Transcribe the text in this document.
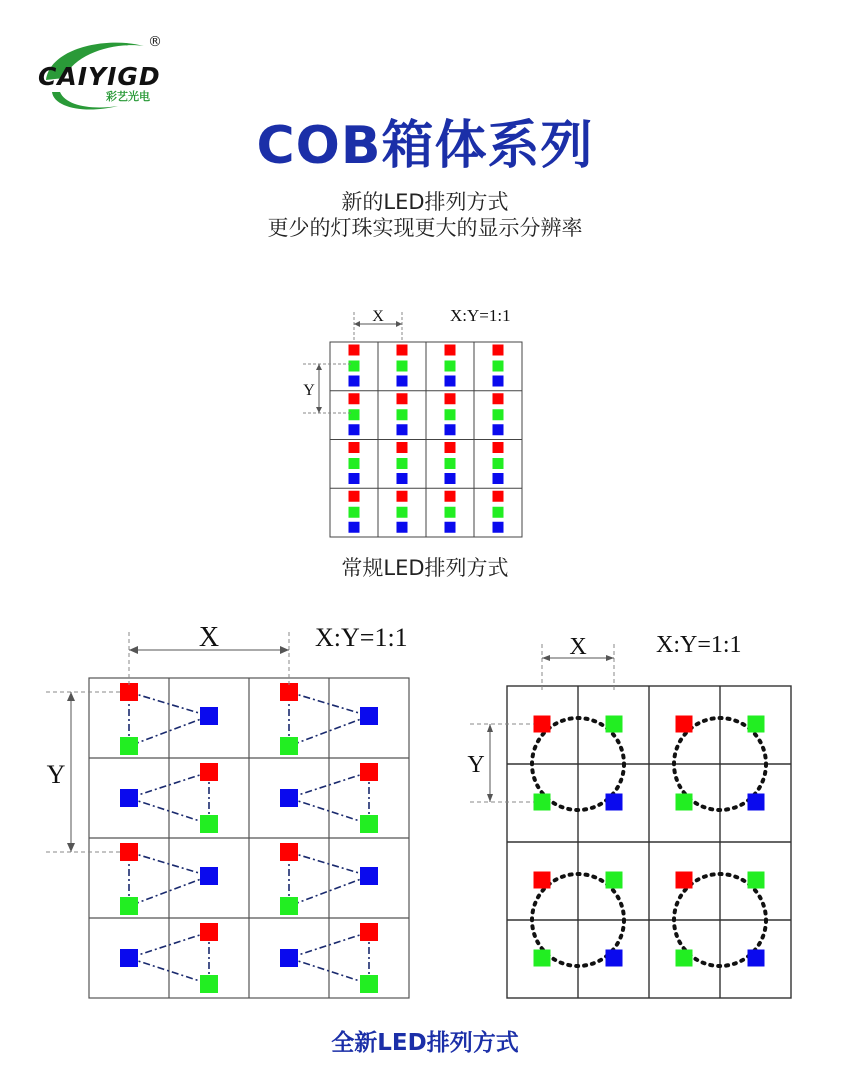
®
CAIYIGD
彩艺光电
COB箱体系列
新的LED排列方式
更少的灯珠实现更大的显示分辨率
X	X:Y=1:1
Y
常规LED排列方式
X	X:Y=1:1
Y
X	X:Y=1:1
Y
全新LED排列方式
